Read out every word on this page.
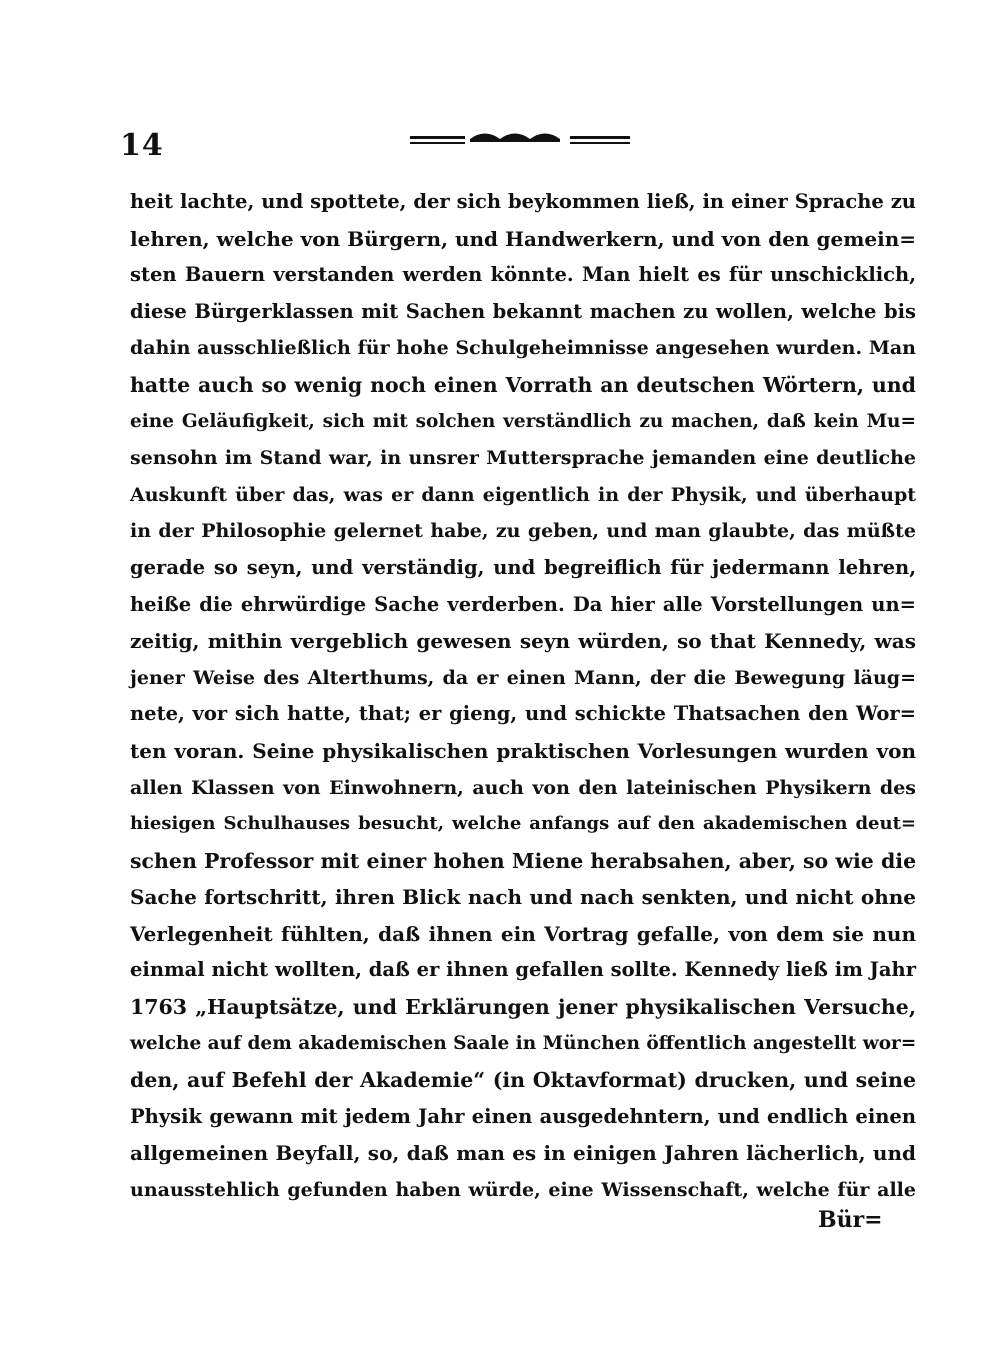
14
heit lachte, und spottete, der sich beykommen ließ, in einer Sprache zu
lehren, welche von Bürgern, und Handwerkern, und von den gemein=
sten Bauern verstanden werden könnte. Man hielt es für unschicklich,
diese Bürgerklassen mit Sachen bekannt machen zu wollen, welche bis
dahin ausschließlich für hohe Schulgeheimnisse angesehen wurden. Man
hatte auch so wenig noch einen Vorrath an deutschen Wörtern, und
eine Geläufigkeit, sich mit solchen verständlich zu machen, daß kein Mu=
sensohn im Stand war, in unsrer Muttersprache jemanden eine deutliche
Auskunft über das, was er dann eigentlich in der Physik, und überhaupt
in der Philosophie gelernet habe, zu geben, und man glaubte, das müßte
gerade so seyn, und verständig, und begreiflich für jedermann lehren,
heiße die ehrwürdige Sache verderben. Da hier alle Vorstellungen un=
zeitig, mithin vergeblich gewesen seyn würden, so that Kennedy, was
jener Weise des Alterthums, da er einen Mann, der die Bewegung läug=
nete, vor sich hatte, that; er gieng, und schickte Thatsachen den Wor=
ten voran. Seine physikalischen praktischen Vorlesungen wurden von
allen Klassen von Einwohnern, auch von den lateinischen Physikern des
hiesigen Schulhauses besucht, welche anfangs auf den akademischen deut=
schen Professor mit einer hohen Miene herabsahen, aber, so wie die
Sache fortschritt, ihren Blick nach und nach senkten, und nicht ohne
Verlegenheit fühlten, daß ihnen ein Vortrag gefalle, von dem sie nun
einmal nicht wollten, daß er ihnen gefallen sollte. Kennedy ließ im Jahr
1763 „Hauptsätze, und Erklärungen jener physikalischen Versuche,
welche auf dem akademischen Saale in München öffentlich angestellt wor=
den, auf Befehl der Akademie“ (in Oktavformat) drucken, und seine
Physik gewann mit jedem Jahr einen ausgedehntern, und endlich einen
allgemeinen Beyfall, so, daß man es in einigen Jahren lächerlich, und
unausstehlich gefunden haben würde, eine Wissenschaft, welche für alle
Bür=
